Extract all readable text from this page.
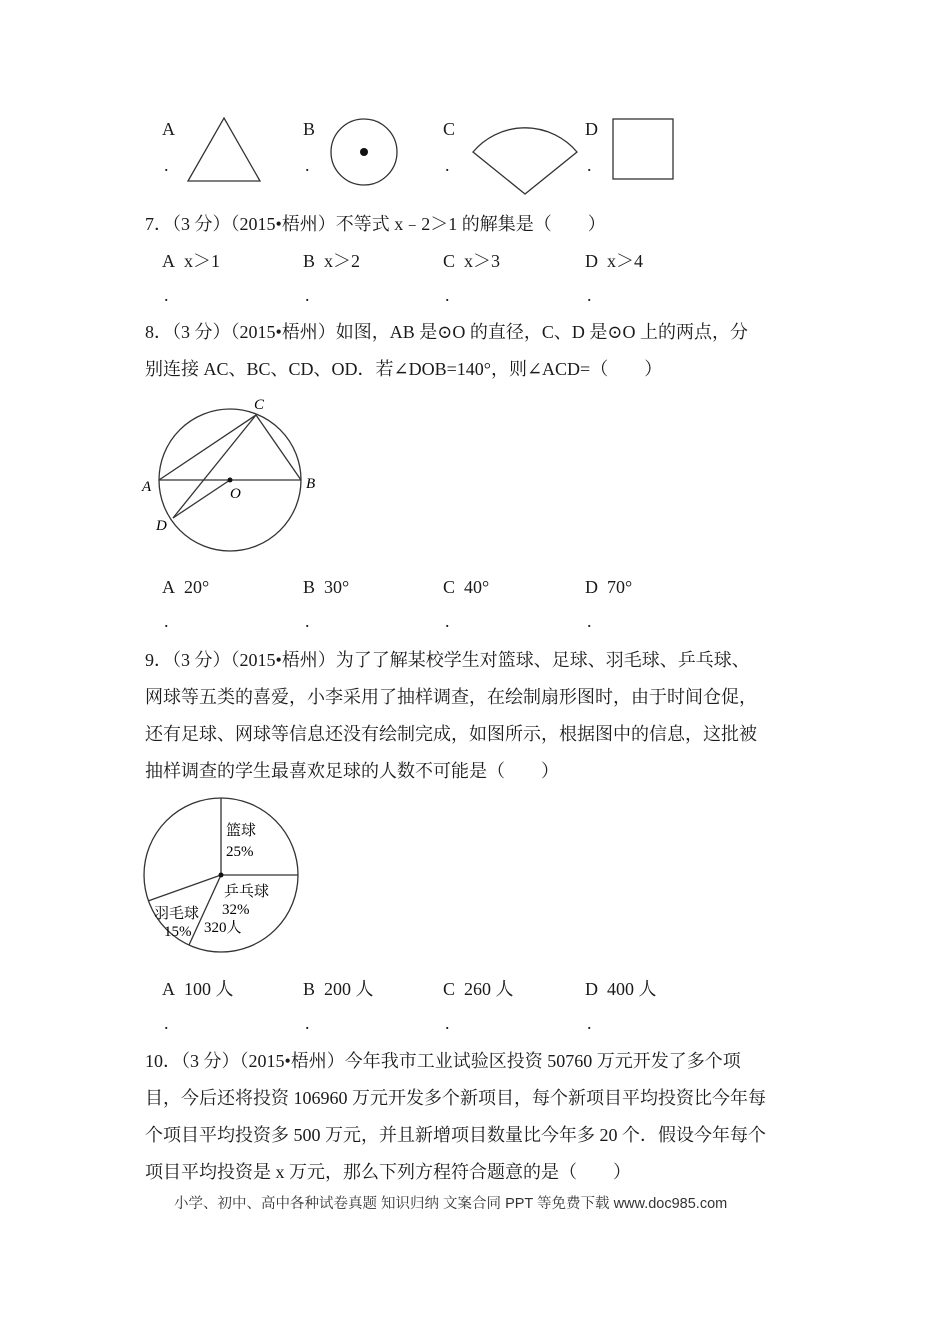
A
.
B
.
C
.
D
.
7．（3 分）（2015•梧州）不等式 x﹣2＞1 的解集是（　　）
A x＞1
.
B x＞2
.
C x＞3
.
D x＞4
.
8．（3 分）（2015•梧州）如图，AB 是⊙O 的直径，C、D 是⊙O 上的两点，分
别连接 AC、BC、CD、OD．若∠DOB=140°，则∠ACD=（　　）
A	B
C
D
O
A 20°
.
B 30°
.
C 40°
.
D 70°
.
9．（3 分）（2015•梧州）为了了解某校学生对篮球、足球、羽毛球、乒乓球、
网球等五类的喜爱，小李采用了抽样调查，在绘制扇形图时，由于时间仓促，
还有足球、网球等信息还没有绘制完成，如图所示，根据图中的信息，这批被
抽样调查的学生最喜欢足球的人数不可能是（　　）
篮球
25%
乒乓球
32%
320人
羽毛球
15%
A 100 人
.
B 200 人
.
C 260 人
.
D 400 人
.
10．（3 分）（2015•梧州）今年我市工业试验区投资 50760 万元开发了多个项
目，今后还将投资 106960 万元开发多个新项目，每个新项目平均投资比今年每
个项目平均投资多 500 万元，并且新增项目数量比今年多 20 个．假设今年每个
项目平均投资是 x 万元，那么下列方程符合题意的是（　　）
小学、初中、高中各种试卷真题 知识归纳 文案合同 PPT 等免费下载 www.doc985.com
